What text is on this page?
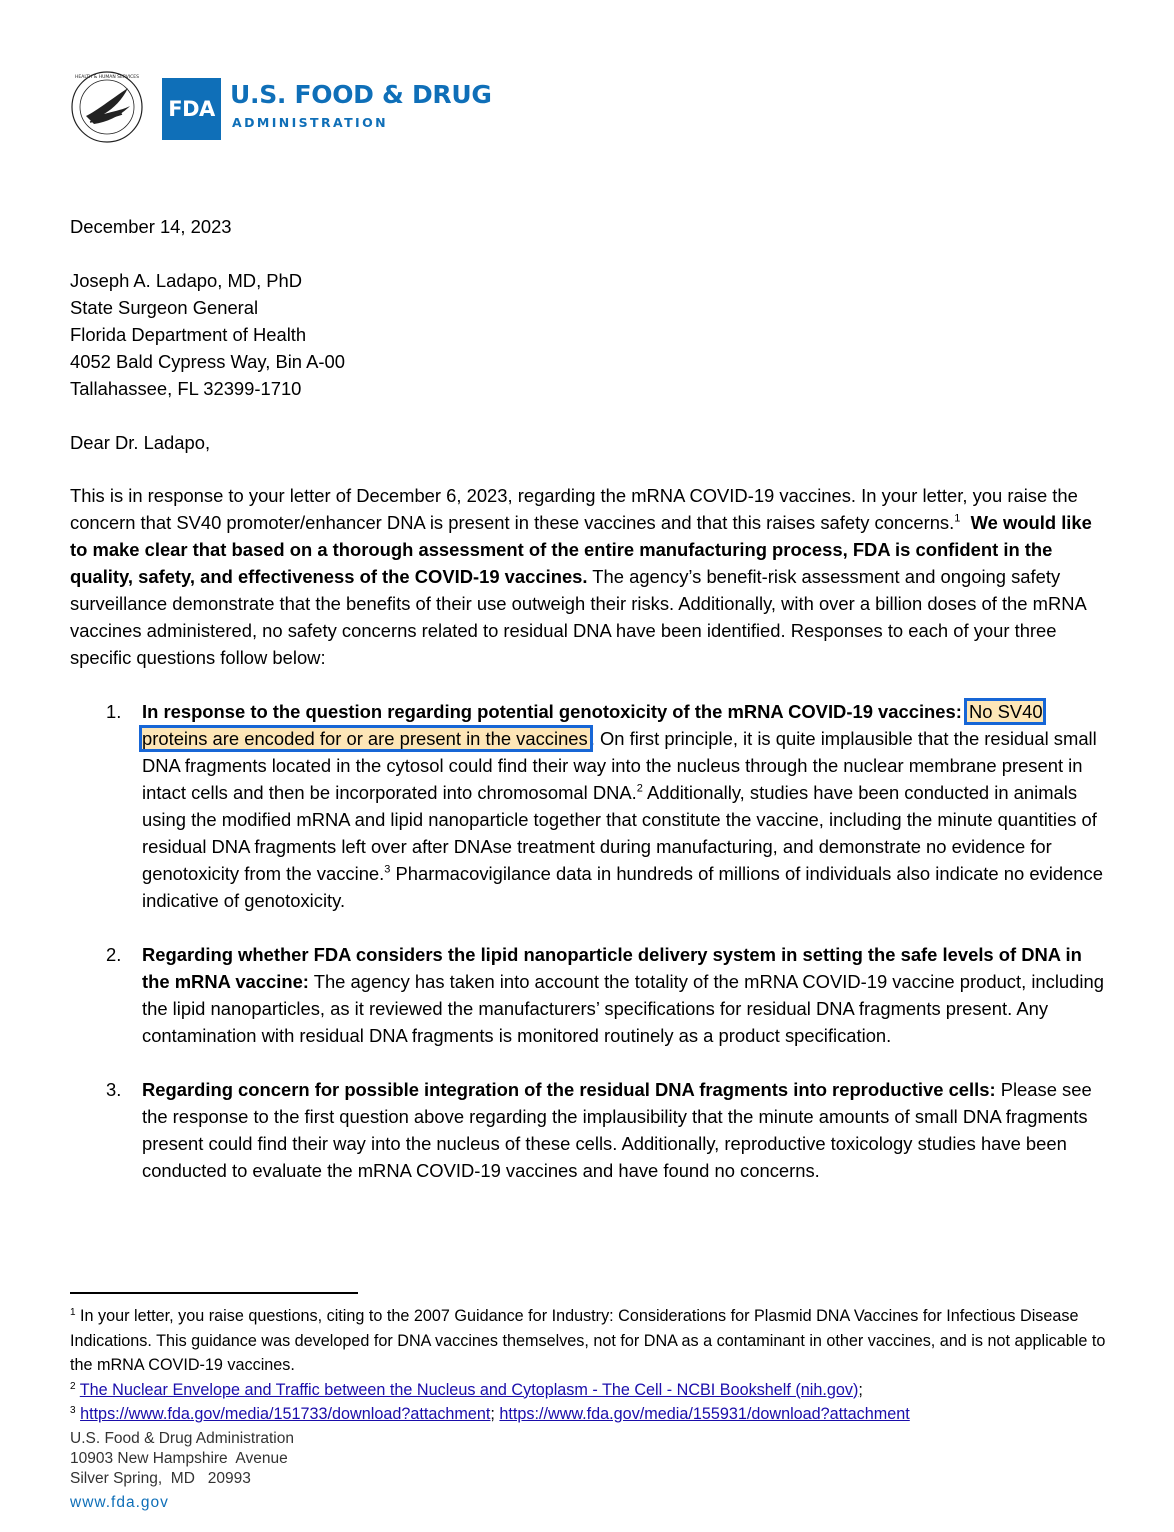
HEALTH & HUMAN SERVICES
FDA U.S. FOOD & DRUG
ADMINISTRATION
December 14, 2023
Joseph A. Ladapo, MD, PhD
State Surgeon General
Florida Department of Health
4052 Bald Cypress Way, Bin A-00
Tallahassee, FL 32399-1710
Dear Dr. Ladapo,

This is in response to your letter of December 6, 2023, regarding the mRNA COVID-19 vaccines. In your letter, you raise the concern that SV40 promoter/enhancer DNA is present in these vaccines and that this raises safety concerns.$^1$ We would like to make clear that based on a thorough assessment of the entire manufacturing process, FDA is confident in the quality, safety, and effectiveness of the COVID-19 vaccines. The agency’s benefit-risk assessment and ongoing safety surveillance demonstrate that the benefits of their use outweigh their risks. Additionally, with over a billion doses of the mRNA vaccines administered, no safety concerns related to residual DNA have been identified. Responses to each of your three specific questions follow below:

1. In response to the question regarding potential genotoxicity of the mRNA COVID-19 vaccines: No SV40 proteins are encoded for or are present in the vaccines . On first principle, it is quite implausible that the residual small DNA fragments located in the cytosol could find their way into the nucleus through the nuclear membrane present in intact cells and then be incorporated into chromosomal DNA.$^2$ Additionally, studies have been conducted in animals using the modified mRNA and lipid nanoparticle together that constitute the vaccine, including the minute quantities of residual DNA fragments left over after DNAse treatment during manufacturing, and demonstrate no evidence for genotoxicity from the vaccine.$^3$ Pharmacovigilance data in hundreds of millions of individuals also indicate no evidence indicative of genotoxicity.
2. Regarding whether FDA considers the lipid nanoparticle delivery system in setting the safe levels of DNA in the mRNA vaccine: The agency has taken into account the totality of the mRNA COVID-19 vaccine product, including the lipid nanoparticles, as it reviewed the manufacturers’ specifications for residual DNA fragments present. Any contamination with residual DNA fragments is monitored routinely as a product specification.
3. Regarding concern for possible integration of the residual DNA fragments into reproductive cells: Please see the response to the first question above regarding the implausibility that the minute amounts of small DNA fragments present could find their way into the nucleus of these cells. Additionally, reproductive toxicology studies have been conducted to evaluate the mRNA COVID-19 vaccines and have found no concerns.

$^1$ In your letter, you raise questions, citing to the 2007 Guidance for Industry: Considerations for Plasmid DNA Vaccines for Infectious Disease Indications. This guidance was developed for DNA vaccines themselves, not for DNA as a contaminant in other vaccines, and is not applicable to the mRNA COVID-19 vaccines.

$^2$ The Nuclear Envelope and Traffic between the Nucleus and Cytoplasm - The Cell - NCBI Bookshelf (nih.gov);

$^3$ https://www.fda.gov/media/151733/download?attachment; https://www.fda.gov/media/155931/download?attachment

U.S. Food & Drug Administration
10903 New Hampshire  Avenue
Silver Spring,  MD   20993
www.fda.gov
